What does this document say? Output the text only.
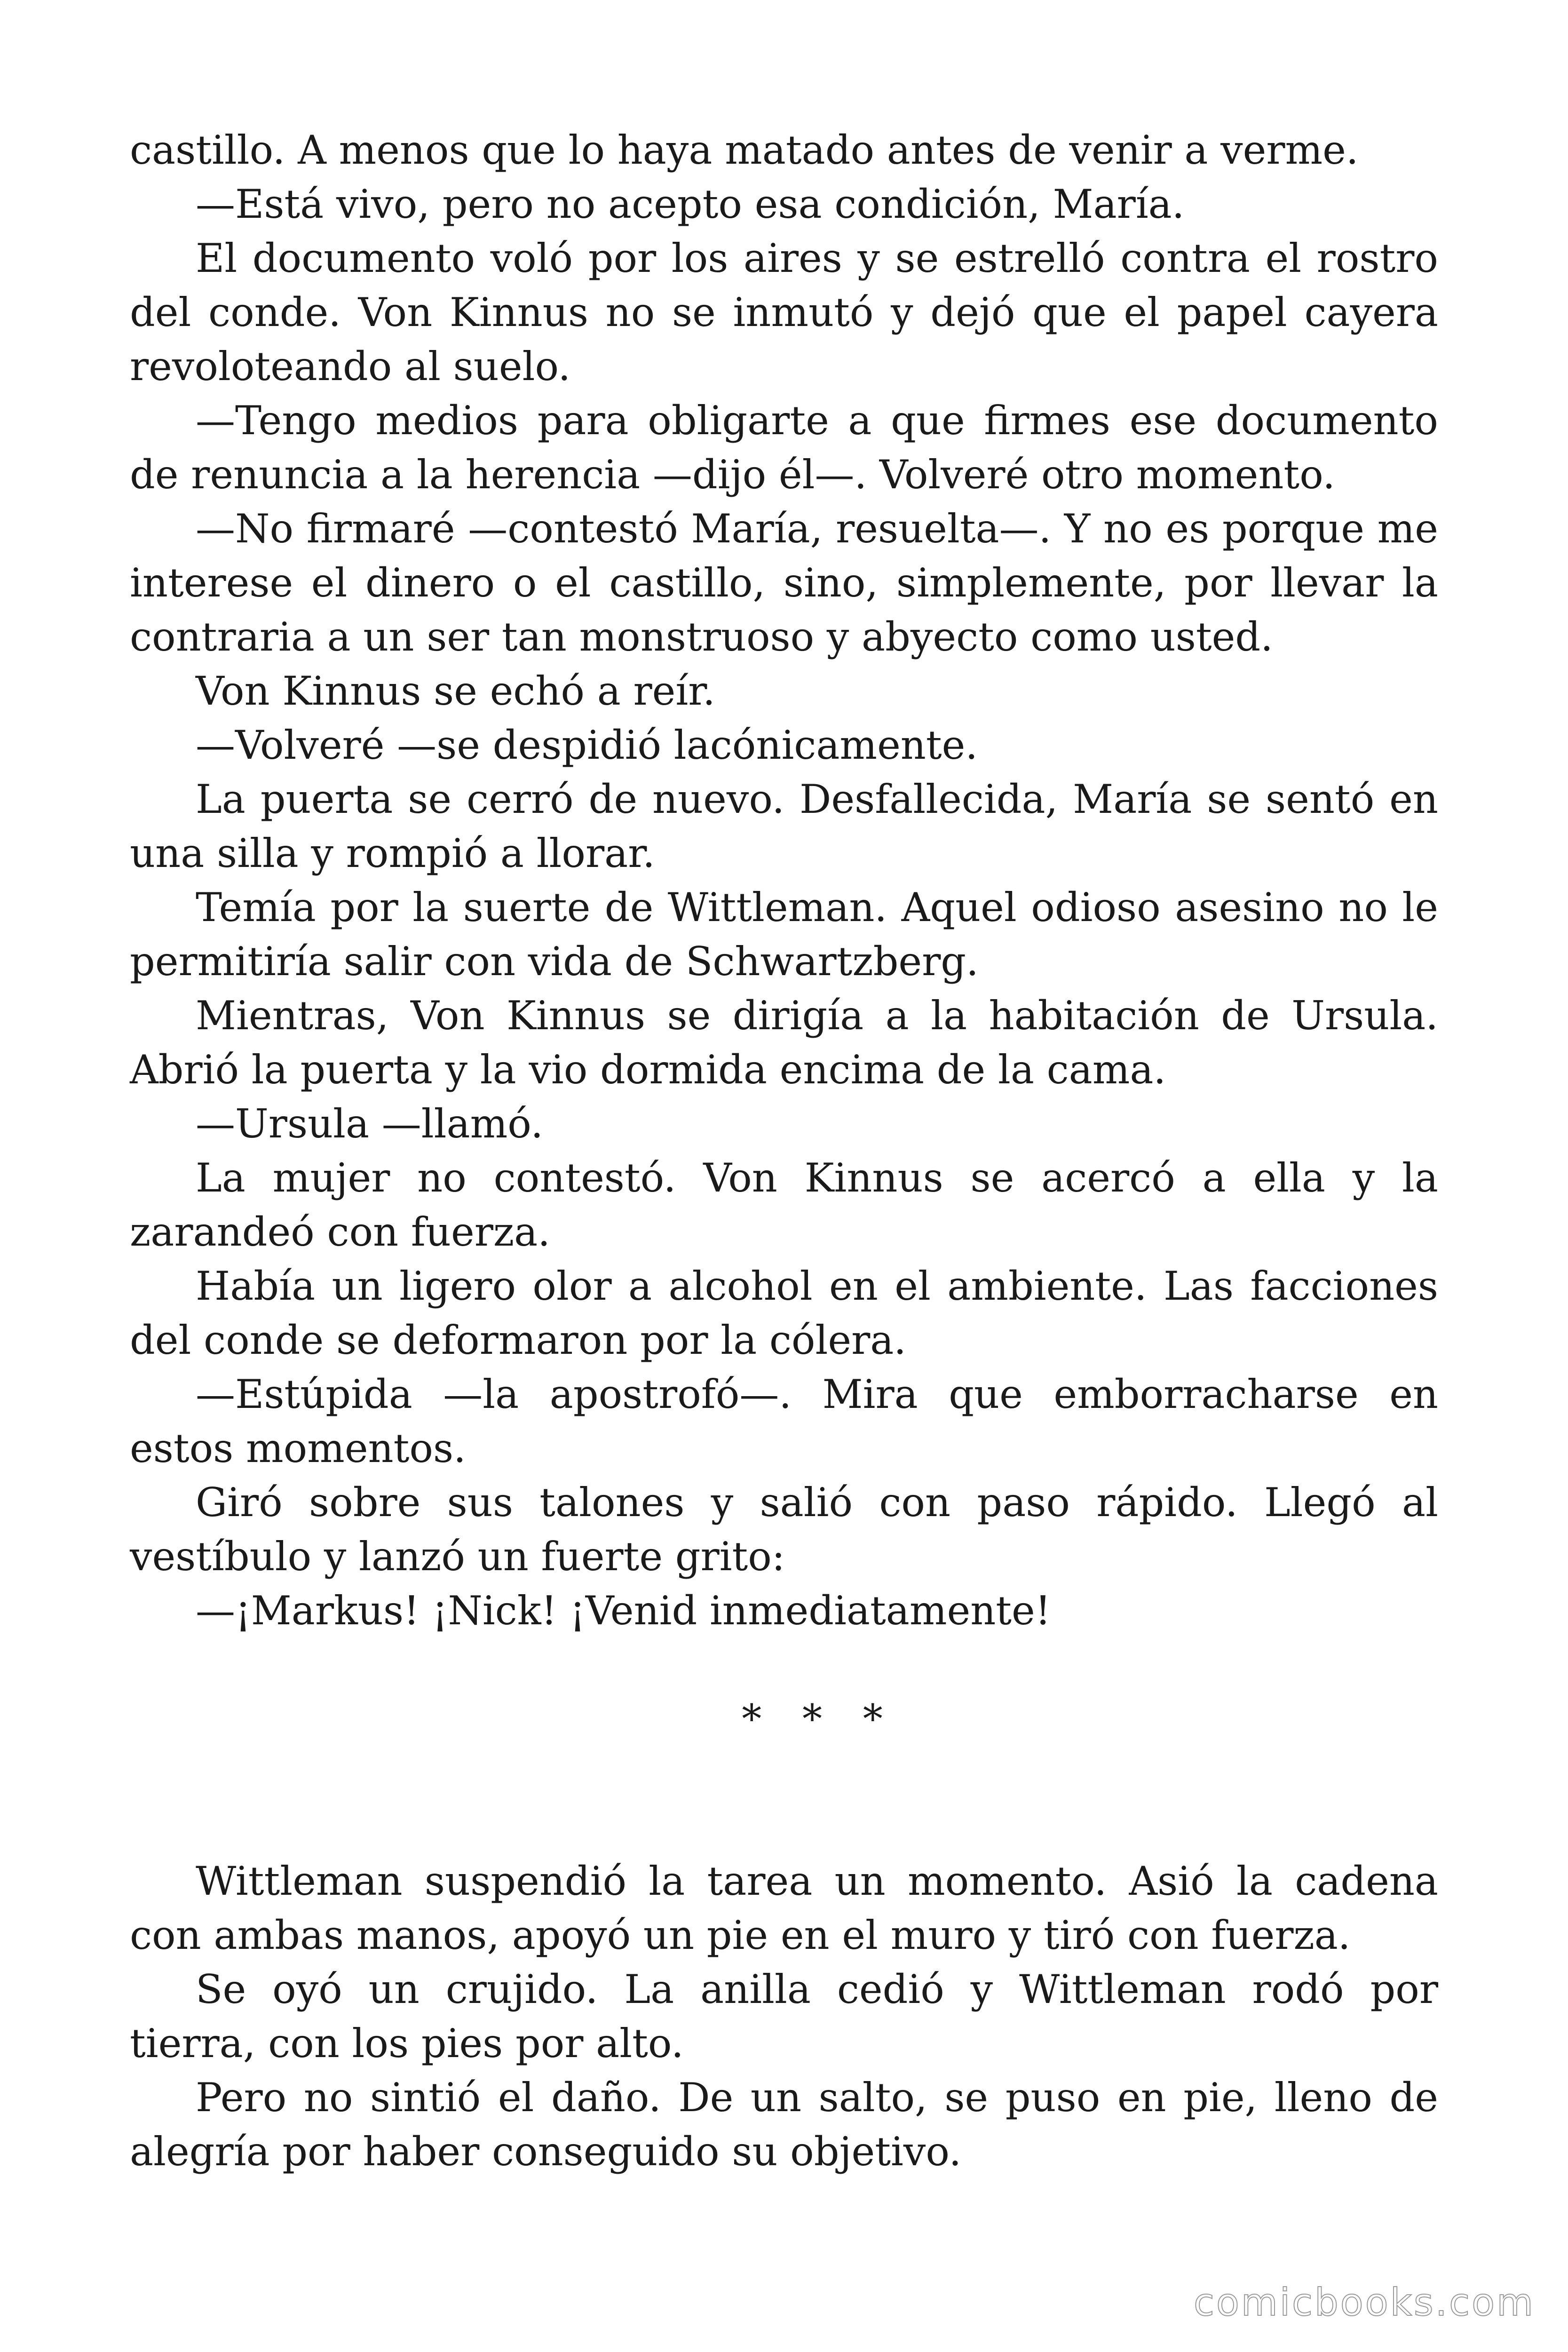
castillo. A menos que lo haya matado antes de venir a verme.

—Está vivo, pero no acepto esa condición, María.

El documento voló por los aires y se estrelló contra el rostro del conde. Von Kinnus no se inmutó y dejó que el papel cayera revoloteando al suelo.

—Tengo medios para obligarte a que firmes ese documento de renuncia a la herencia —dijo él—. Volveré otro momento.

—No firmaré —contestó María, resuelta—. Y no es porque me interese el dinero o el castillo, sino, simplemente, por llevar la contraria a un ser tan monstruoso y abyecto como usted.

Von Kinnus se echó a reír.

—Volveré —se despidió lacónicamente.

La puerta se cerró de nuevo. Desfallecida, María se sentó en una silla y rompió a llorar.

Temía por la suerte de Wittleman. Aquel odioso asesino no le permitiría salir con vida de Schwartzberg.

Mientras, Von Kinnus se dirigía a la habitación de Ursula. Abrió la puerta y la vio dormida encima de la cama.

—Ursula —llamó.

La mujer no contestó. Von Kinnus se acercó a ella y la zarandeó con fuerza.

Había un ligero olor a alcohol en el ambiente. Las facciones del conde se deformaron por la cólera.

—Estúpida —la apostrofó—. Mira que emborracharse en estos momentos.

Giró sobre sus talones y salió con paso rápido. Llegó al vestíbulo y lanzó un fuerte grito:

—¡Markus! ¡Nick! ¡Venid inmediatamente!

* * *

Wittleman suspendió la tarea un momento. Asió la cadena con ambas manos, apoyó un pie en el muro y tiró con fuerza.

Se oyó un crujido. La anilla cedió y Wittleman rodó por tierra, con los pies por alto.

Pero no sintió el daño. De un salto, se puso en pie, lleno de alegría por haber conseguido su objetivo.

comicbooks.com
